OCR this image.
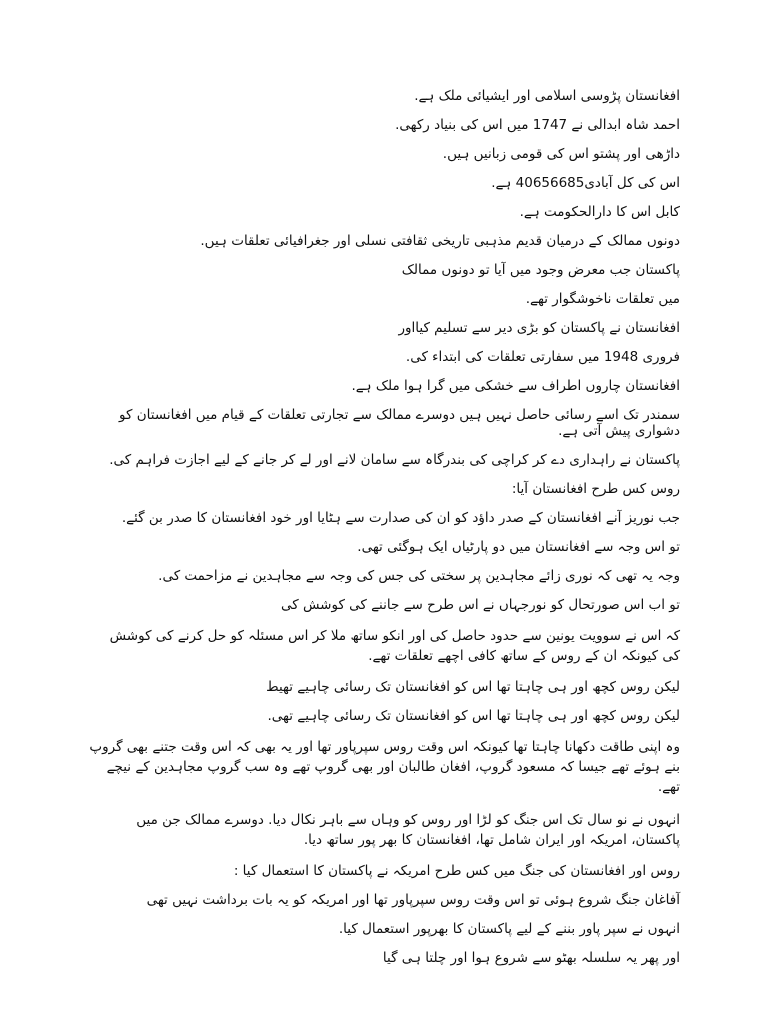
افغانستان پڑوسی اسلامی اور ایشیائی ملک ہے.

احمد شاہ ابدالی نے 1747 میں اس کی بنیاد رکھی.

داڑھی اور پشتو اس کی قومی زبانیں ہیں.

اس کی کل آبادی40656685 ہے.

کابل اس کا دارالحکومت ہے.

دونوں ممالک کے درمیان قدیم مذہبی تاریخی ثقافتی نسلی اور جغرافیائی تعلقات ہیں.

پاکستان جب معرض وجود میں آیا تو دونوں ممالک

میں تعلقات ناخوشگوار تھے.

افغانستان نے پاکستان کو بڑی دیر سے تسلیم کیااور

فروری 1948 میں سفارتی تعلقات کی ابتداء کی.

افغانستان چاروں اطراف سے خشکی میں گرا ہوا ملک ہے.

سمندر تک اسے رسائی حاصل نہیں ہیں دوسرے ممالک سے تجارتی تعلقات کے قیام میں افغانستان کو دشواری پیش آتی ہے.

پاکستان نے راہداری دے کر کراچی کی بندرگاہ سے سامان لانے اور لے کر جانے کے لیے اجازت فراہم کی.

روس کس طرح افغانستان آیا:

جب نوریز آنے افغانستان کے صدر داؤد کو ان کی صدارت سے ہٹایا اور خود افغانستان کا صدر بن گئے.

تو اس وجہ سے افغانستان میں دو پارٹیاں ایک ہوگئی تھی.

وجہ یہ تھی کہ نوری زائے مجاہدین پر سختی کی جس کی وجہ سے مجاہدین نے مزاحمت کی.

تو اب اس صورتحال کو نورجہاں نے اس طرح سے جاننے کی کوشش کی

کہ اس نے سوویت یونین سے حدود حاصل کی اور انکو ساتھ ملا کر اس مسئلہ کو حل کرنے کی کوشش کی کیونکہ ان کے روس کے ساتھ کافی اچھے تعلقات تھے.

لیکن روس کچھ اور ہی چاہتا تھا اس کو افغانستان تک رسائی چاہیے تھیط

لیکن روس کچھ اور ہی چاہتا تھا اس کو افغانستان تک رسائی چاہیے تھی.

وہ اپنی طاقت دکھانا چاہتا تھا کیونکہ اس وقت روس سپرپاور تھا اور یہ بھی کہ اس وقت جتنے بھی گروپ بنے ہوئے تھے جیسا کہ مسعود گروپ، افغان طالبان اور بھی گروپ تھے وہ سب گروپ مجاہدین کے نیچے تھے.

انہوں نے نو سال تک اس جنگ کو لڑا اور روس کو وہاں سے باہر نکال دیا. دوسرے ممالک جن میں پاکستان، امریکہ اور ایران شامل تھا، افغانستان کا بھر پور ساتھ دیا.

روس اور افغانستان کی جنگ میں کس طرح امریکہ نے پاکستان کا استعمال کیا :

آفاغان جنگ شروع ہوئی تو اس وقت روس سپرپاور تھا اور امریکہ کو یہ بات برداشت نہیں تھی

انہوں نے سپر پاور بننے کے لیے پاکستان کا بھرپور استعمال کیا.

اور پھر یہ سلسلہ بھٹو سے شروع ہوا اور چلتا ہی گیا
